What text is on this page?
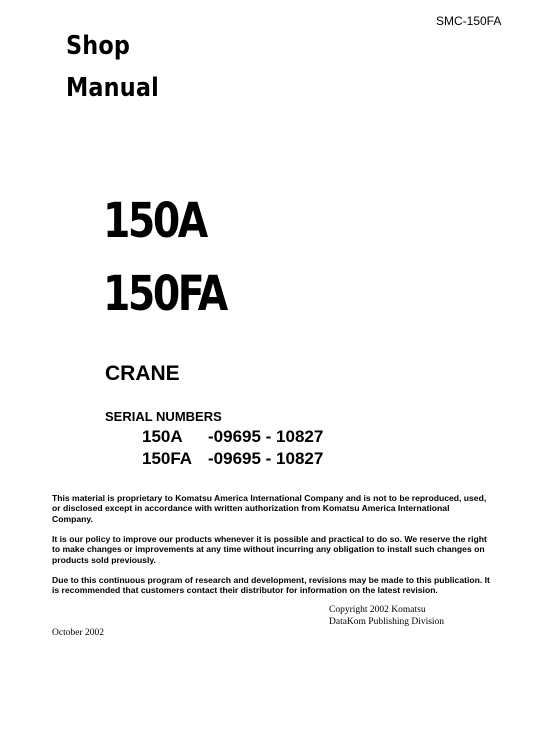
SMC-150FA
Shop
Manual
150A
150FA
CRANE
SERIAL NUMBERS
150A -09695 - 10827
150FA -09695 - 10827
This material is proprietary to Komatsu America International Company and is not to be reproduced, used, or disclosed except in accordance with written authorization from Komatsu America International Company.
It is our policy to improve our products whenever it is possible and practical to do so. We reserve the right to make changes or improvements at any time without incurring any obligation to install such changes on products sold previously.
Due to this continuous program of research and development, revisions may be made to this publication. It is recommended that customers contact their distributor for information on the latest revision.
Copyright 2002 Komatsu
DataKom Publishing Division
October 2002
